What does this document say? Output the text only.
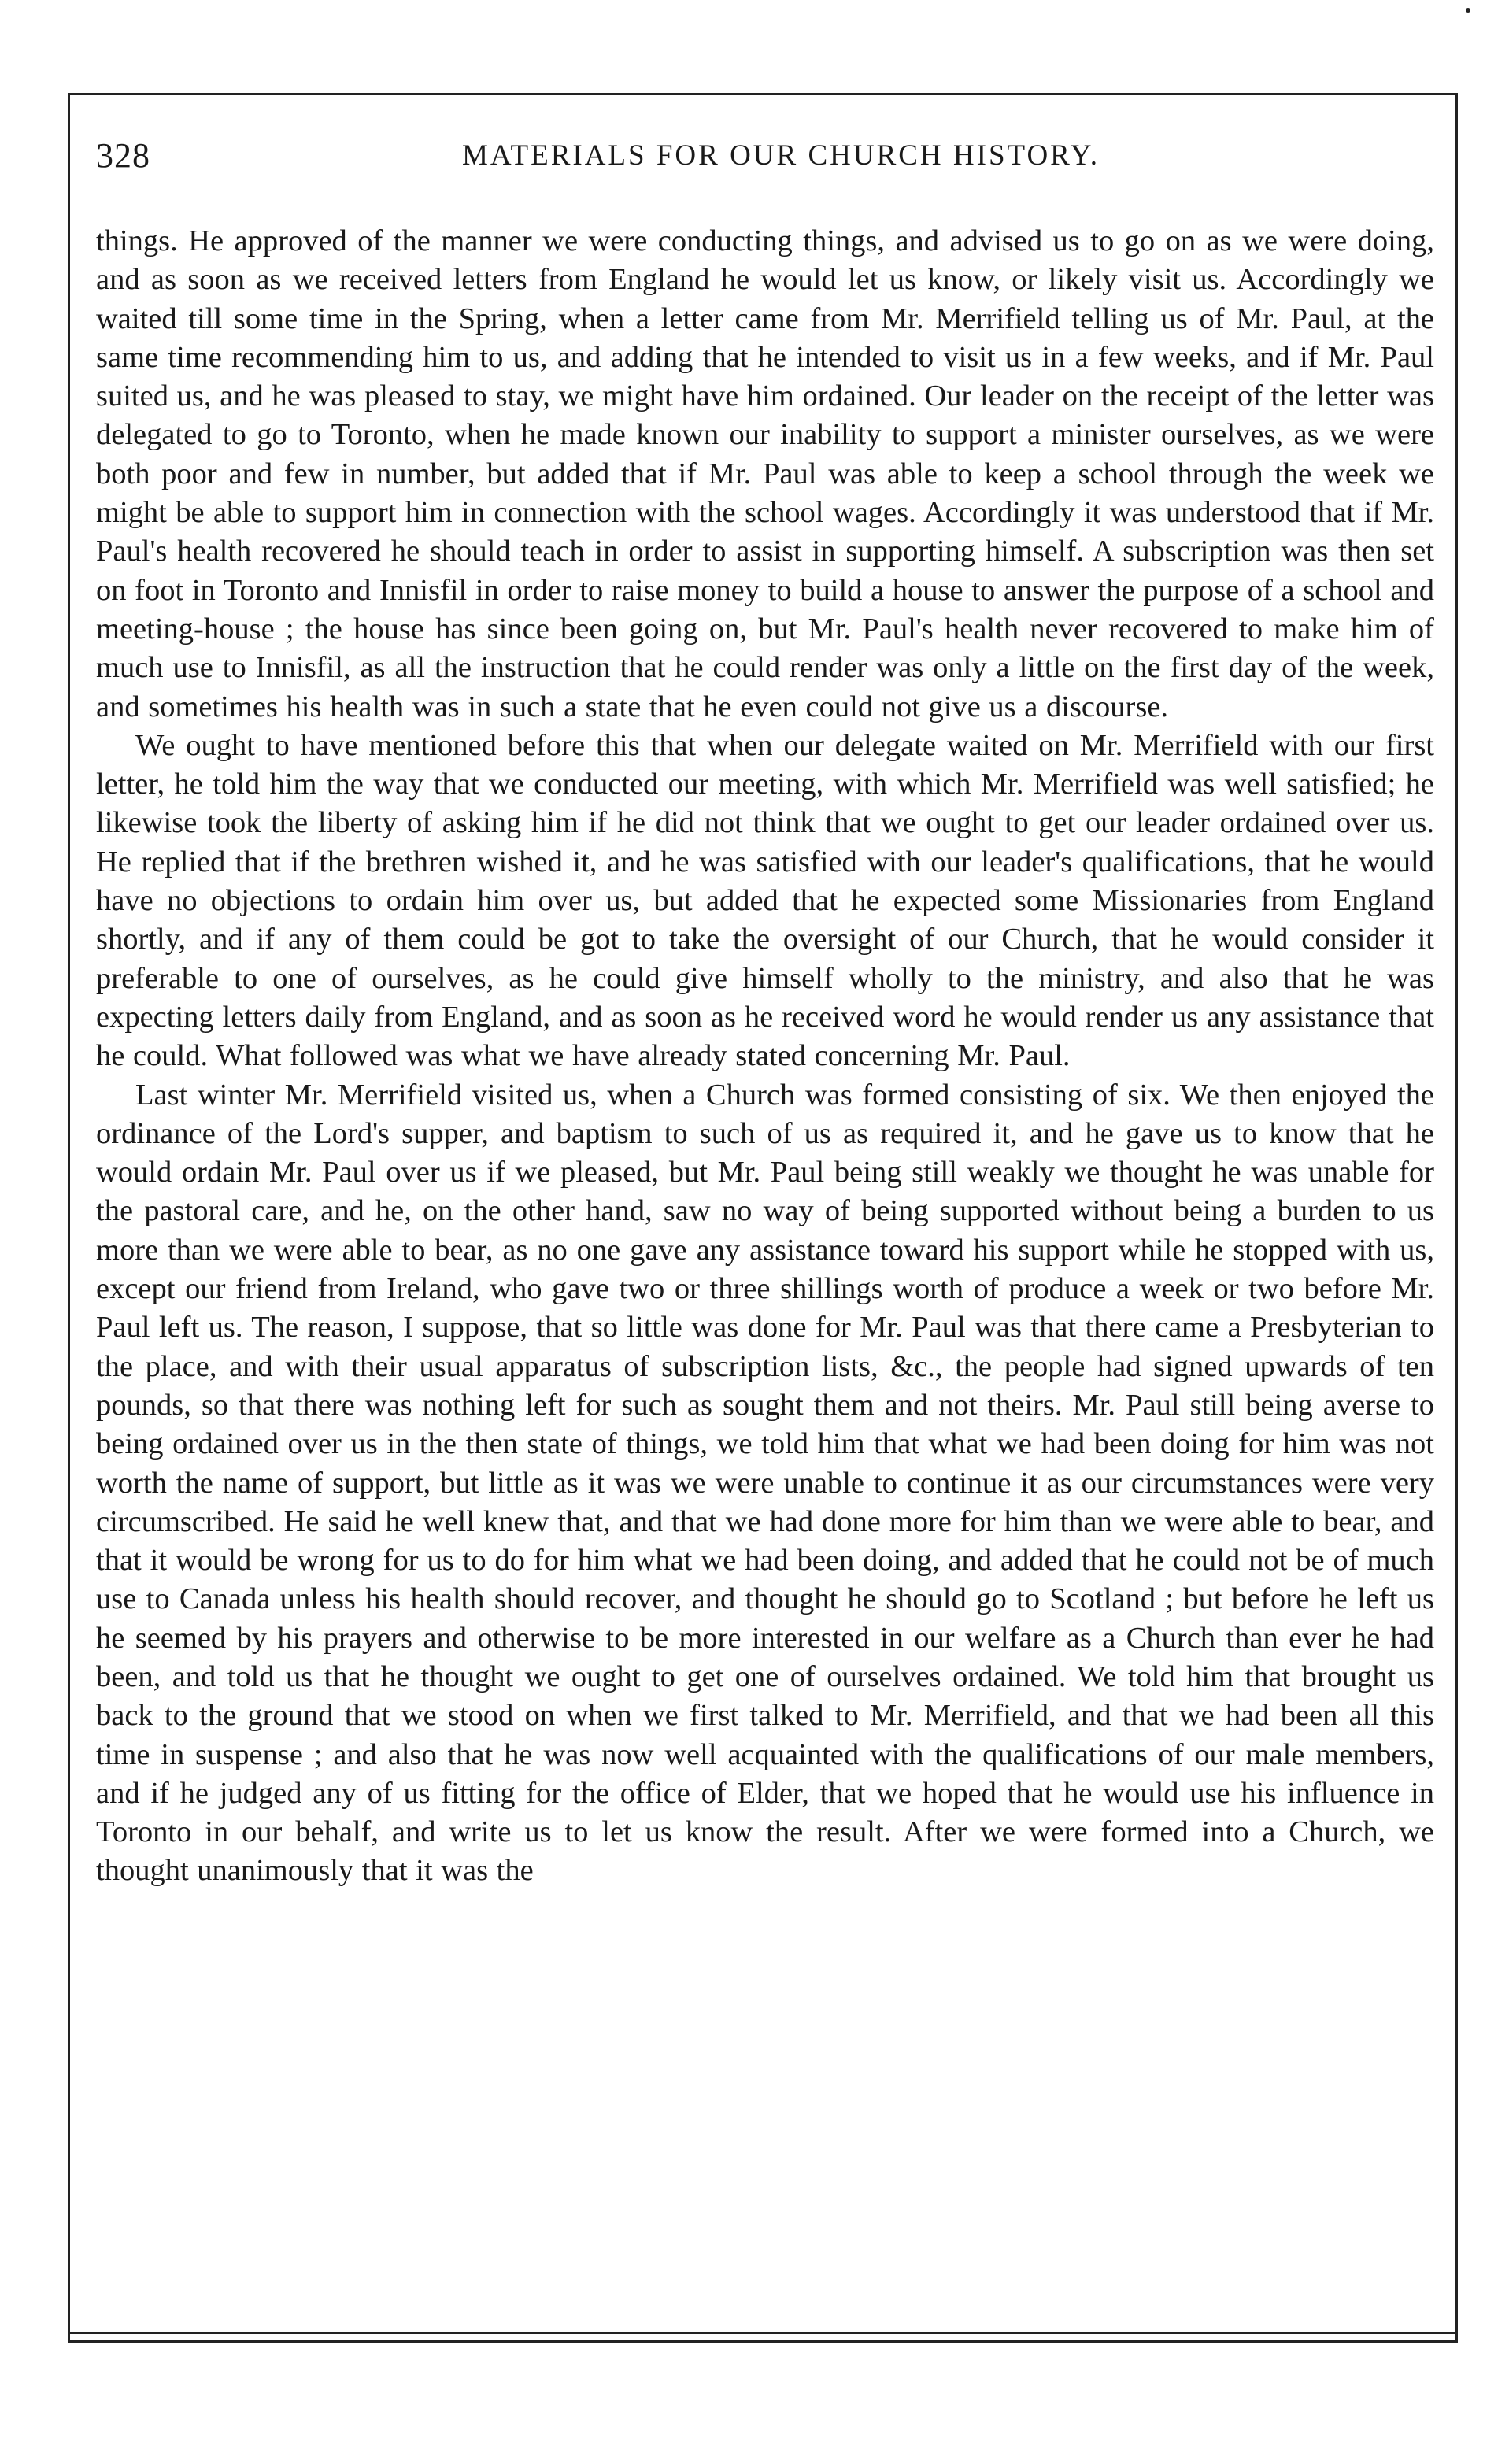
328	MATERIALS FOR OUR CHURCH HISTORY.

things. He approved of the manner we were conducting things, and advised us to go on as we were doing, and as soon as we received letters from England he would let us know, or likely visit us. Accordingly we waited till some time in the Spring, when a letter came from Mr. Merrifield telling us of Mr. Paul, at the same time recommending him to us, and adding that he intended to visit us in a few weeks, and if Mr. Paul suited us, and he was pleased to stay, we might have him ordained. Our leader on the receipt of the letter was delegated to go to Toronto, when he made known our inability to support a minister ourselves, as we were both poor and few in number, but added that if Mr. Paul was able to keep a school through the week we might be able to support him in connection with the school wages. Accordingly it was understood that if Mr. Paul's health recovered he should teach in order to assist in supporting himself. A subscription was then set on foot in Toronto and Innisfil in order to raise money to build a house to answer the purpose of a school and meeting-house ; the house has since been going on, but Mr. Paul's health never recovered to make him of much use to Innisfil, as all the instruction that he could render was only a little on the first day of the week, and sometimes his health was in such a state that he even could not give us a discourse.

We ought to have mentioned before this that when our delegate waited on Mr. Merrifield with our first letter, he told him the way that we conducted our meeting, with which Mr. Merrifield was well satisfied; he likewise took the liberty of asking him if he did not think that we ought to get our leader ordained over us. He replied that if the brethren wished it, and he was satisfied with our leader's qualifications, that he would have no objections to ordain him over us, but added that he expected some Missionaries from England shortly, and if any of them could be got to take the oversight of our Church, that he would consider it preferable to one of ourselves, as he could give himself wholly to the ministry, and also that he was expecting letters daily from England, and as soon as he received word he would render us any assistance that he could. What followed was what we have already stated concerning Mr. Paul.

Last winter Mr. Merrifield visited us, when a Church was formed consisting of six. We then enjoyed the ordinance of the Lord's supper, and baptism to such of us as required it, and he gave us to know that he would ordain Mr. Paul over us if we pleased, but Mr. Paul being still weakly we thought he was unable for the pastoral care, and he, on the other hand, saw no way of being supported without being a burden to us more than we were able to bear, as no one gave any assistance toward his support while he stopped with us, except our friend from Ireland, who gave two or three shillings worth of produce a week or two before Mr. Paul left us. The reason, I suppose, that so little was done for Mr. Paul was that there came a Presbyterian to the place, and with their usual apparatus of subscription lists, &c., the people had signed upwards of ten pounds, so that there was nothing left for such as sought them and not theirs. Mr. Paul still being averse to being ordained over us in the then state of things, we told him that what we had been doing for him was not worth the name of support, but little as it was we were unable to continue it as our circumstances were very circumscribed. He said he well knew that, and that we had done more for him than we were able to bear, and that it would be wrong for us to do for him what we had been doing, and added that he could not be of much use to Canada unless his health should recover, and thought he should go to Scotland ; but before he left us he seemed by his prayers and otherwise to be more interested in our welfare as a Church than ever he had been, and told us that he thought we ought to get one of ourselves ordained. We told him that brought us back to the ground that we stood on when we first talked to Mr. Merrifield, and that we had been all this time in suspense ; and also that he was now well acquainted with the qualifications of our male members, and if he judged any of us fitting for the office of Elder, that we hoped that he would use his influence in Toronto in our behalf, and write us to let us know the result. After we were formed into a Church, we thought unanimously that it was the
